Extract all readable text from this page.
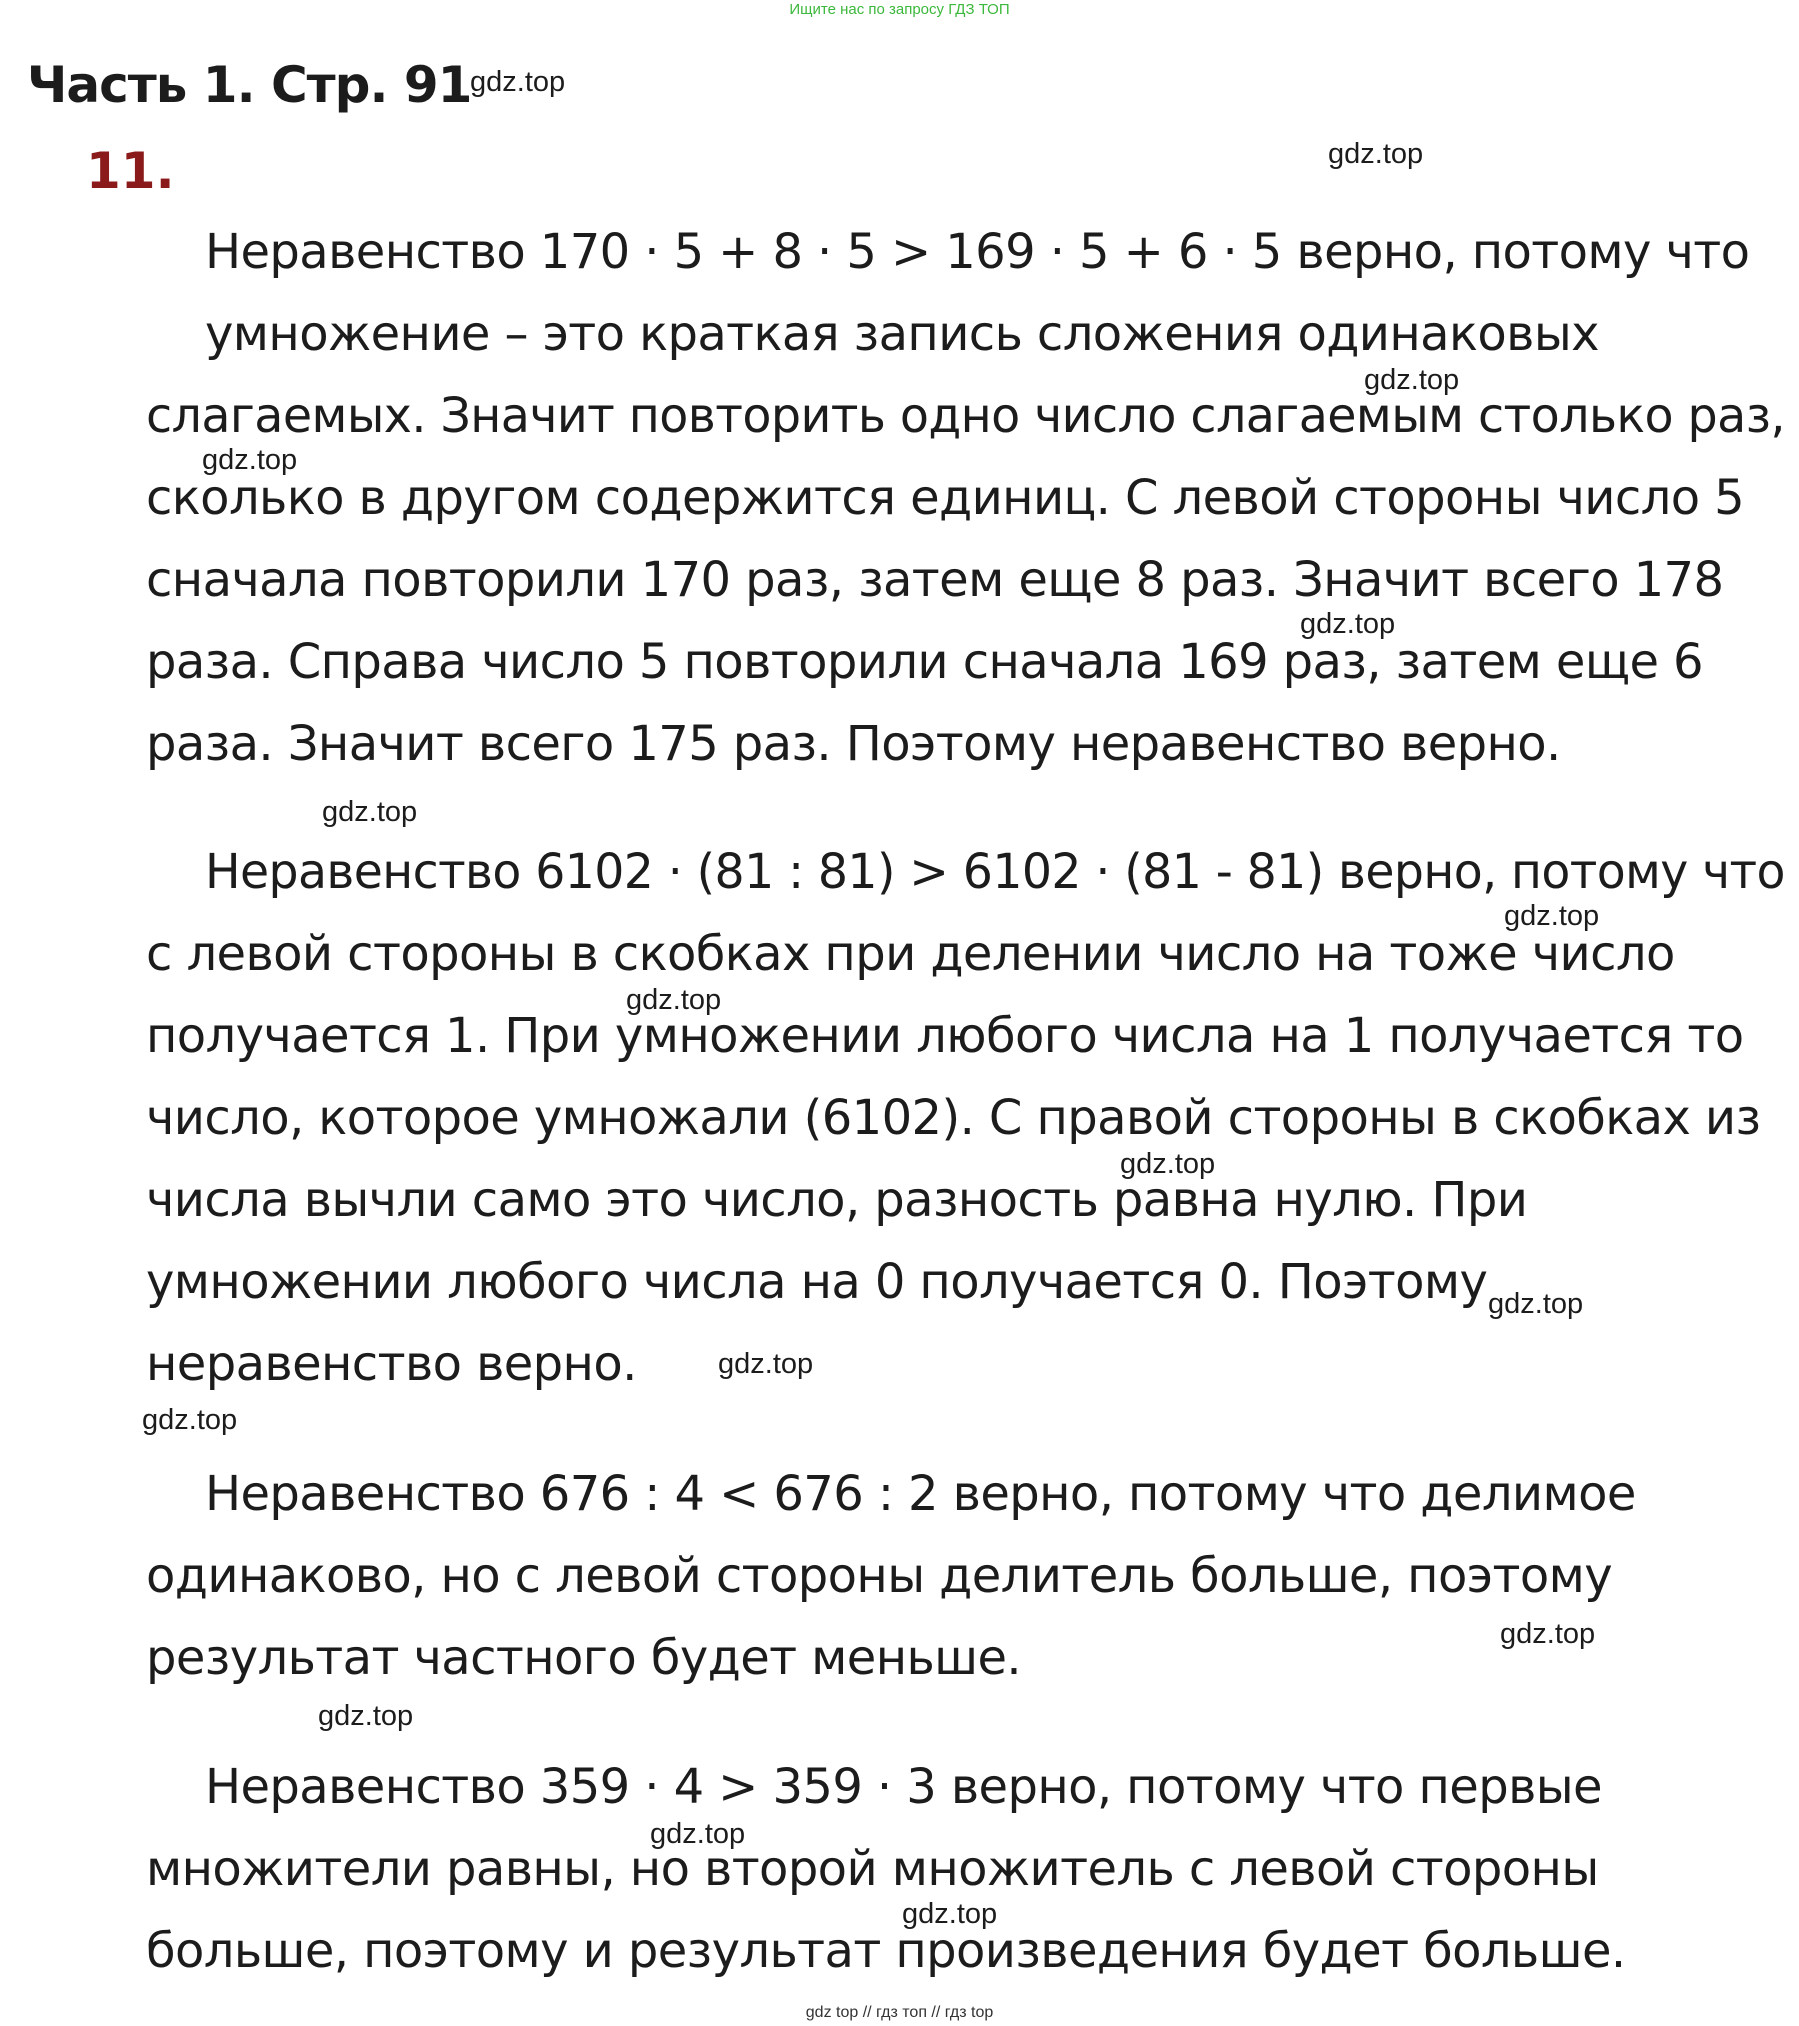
Ищите нас по запросу ГДЗ ТОП
Часть 1. Стр. 91
11.
Неравенство 170 · 5 + 8 · 5 > 169 · 5 + 6 · 5 верно, потому что
умножение – это краткая запись сложения одинаковых
слагаемых. Значит повторить одно число слагаемым столько раз,
сколько в другом содержится единиц. С левой стороны число 5
сначала повторили 170 раз, затем еще 8 раз. Значит всего 178
раза. Справа число 5 повторили сначала 169 раз, затем еще 6
раза. Значит всего 175 раз. Поэтому неравенство верно.
Неравенство 6102 · (81 : 81) > 6102 · (81 - 81) верно, потому что
с левой стороны в скобках при делении число на тоже число
получается 1. При умножении любого числа на 1 получается то
число, которое умножали (6102). С правой стороны в скобках из
числа вычли само это число, разность равна нулю. При
умножении любого числа на 0 получается 0. Поэтому
неравенство верно.
Неравенство 676 : 4 < 676 : 2 верно, потому что делимое
одинаково, но с левой стороны делитель больше, поэтому
результат частного будет меньше.
Неравенство 359 · 4 > 359 · 3 верно, потому что первые
множители равны, но второй множитель с левой стороны
больше, поэтому и результат произведения будет больше.
gdz.top
gdz.top
gdz.top
gdz.top
gdz.top
gdz.top
gdz.top
gdz.top
gdz.top
gdz.top
gdz.top
gdz.top
gdz.top
gdz.top
gdz.top
gdz.top
gdz top // гдз топ // гдз top
